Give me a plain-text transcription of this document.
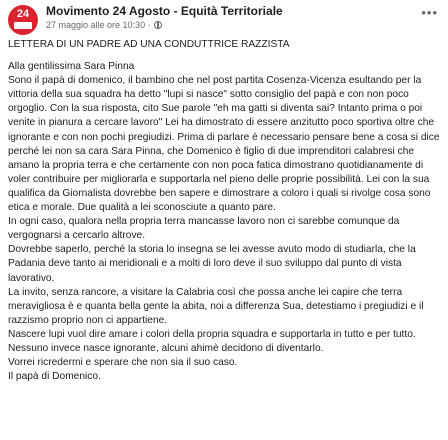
24	Movimento 24 Agosto - Equità Territoriale
27 maggio alle ore 10:30 ·
•••

LETTERA DI UN PADRE AD UNA CONDUTTRICE RAZZISTA

Alla gentilissima Sara Pinna

Sono il papà di domenico, il bambino che nel post partita Cosenza-Vicenza esultando per la vittoria della sua squadra ha detto "lupi si nasce" sotto consiglio del papà e con non poco orgoglio. Con la sua risposta, cito Sue parole "eh ma gatti si diventa sai? Intanto prima o poi venite in pianura a cercare lavoro" Lei ha dimostrato di essere anzitutto poco sportiva oltre che ignorante e con non pochi pregiudizi. Prima di parlare è necessario pensare bene a cosa si dice perché lei non sa cara Sara Pinna, che Domenico è figlio di due imprenditori calabresi che amano la propria terra e che certamente con non poca fatica dimostrano quotidianamente di voler contribuire per migliorarla e supportarla nel pieno delle proprie possibilità. Lei con la sua qualifica da Giornalista dovrebbe ben sapere e dimostrare a coloro i quali si rivolge cosa sono etica e morale. Due qualità a lei sconosciute a quanto pare.

In ogni caso, qualora nella propria terra mancasse lavoro non ci sarebbe comunque da vergognarsi a cercarlo altrove.

Dovrebbe saperlo, perché la storia lo insegna se lei avesse avuto modo di studiarla, che la Padania deve tanto ai meridionali e a molti di loro deve il suo sviluppo dal punto di vista lavorativo.

La invito, senza rancore, a visitare la Calabria così che possa anche lei capire che terra meravigliosa è e quanta bella gente la abita, noi a differenza Sua, detestiamo i pregiudizi e il razzismo proprio non ci appartiene.

Nascere lupi vuol dire amare i colori della propria squadra e supportarla in tutto e per tutto. Nessuno invece nasce ignorante, alcuni ahimè decidono di diventarlo.

Vorrei ricredermi e sperare che non sia il suo caso.

Il papà di Domenico.
